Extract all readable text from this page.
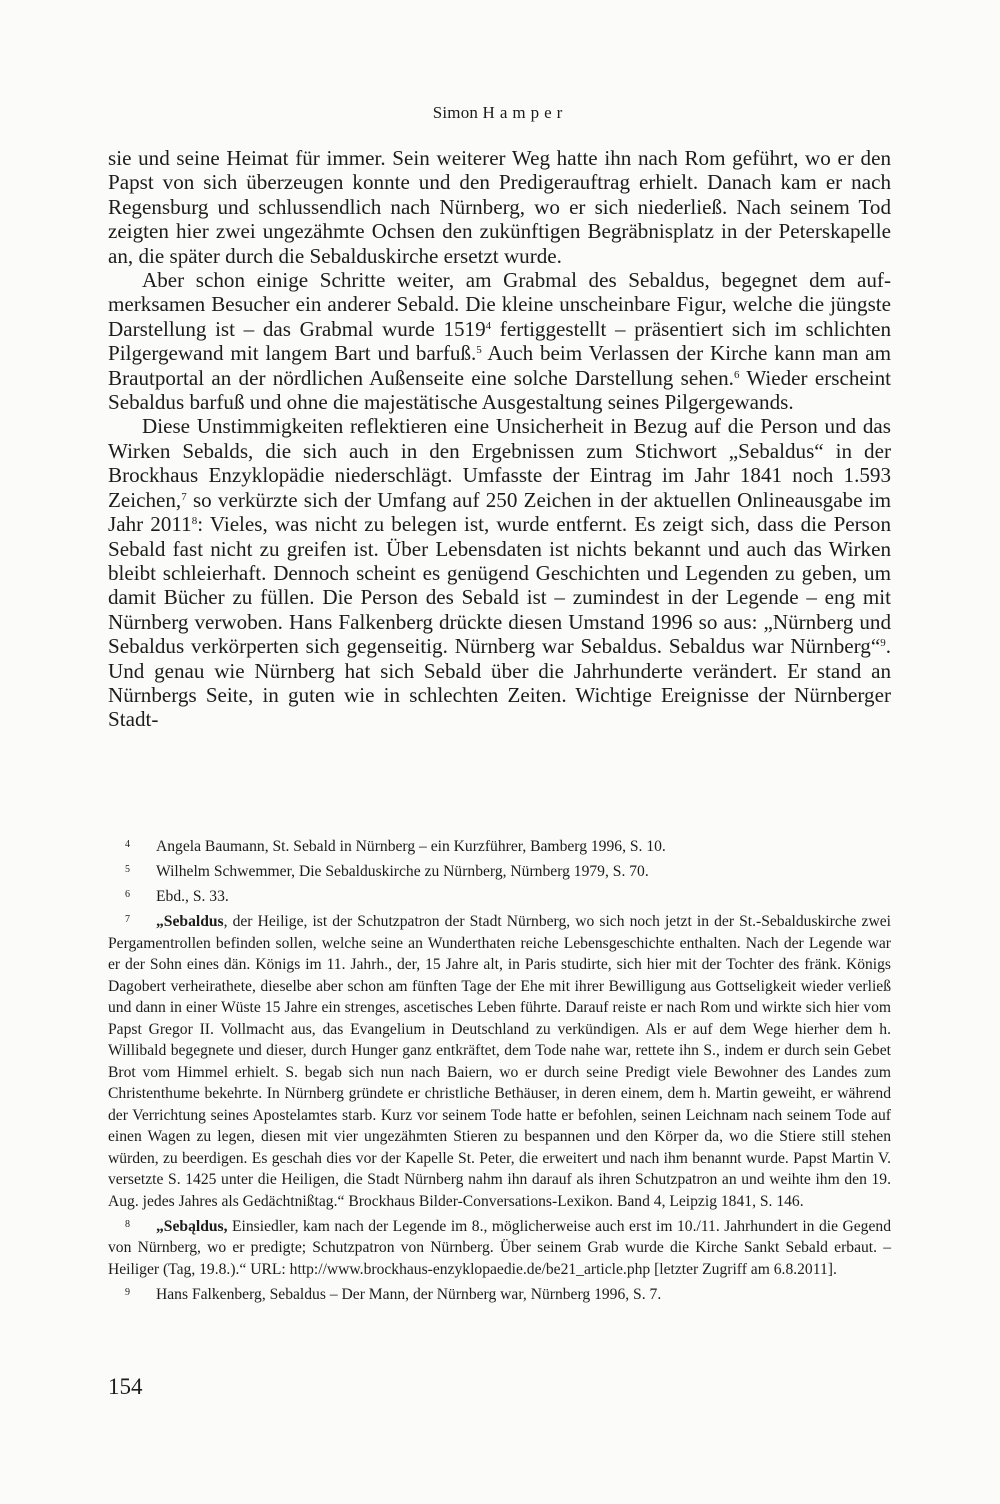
Simon Hamper

sie und seine Heimat für immer. Sein weiterer Weg hatte ihn nach Rom geführt, wo er den Papst von sich überzeugen konnte und den Predigerauftrag erhielt. Danach kam er nach Regensburg und schlussendlich nach Nürnberg, wo er sich niederließ. Nach seinem Tod zeigten hier zwei ungezähmte Ochsen den zukünftigen Begräbnisplatz in der Peterskapelle an, die später durch die Sebalduskirche ersetzt wurde.

Aber schon einige Schritte weiter, am Grabmal des Sebaldus, begegnet dem aufmerksamen Besucher ein anderer Sebald. Die kleine unscheinbare Figur, welche die jüngste Darstellung ist – das Grabmal wurde 1519$^4$ fertiggestellt – präsentiert sich im schlichten Pilgergewand mit langem Bart und barfuß.$^5$ Auch beim Verlassen der Kirche kann man am Brautportal an der nördlichen Außenseite eine solche Darstellung sehen.$^6$ Wieder erscheint Sebaldus barfuß und ohne die majestätische Ausgestaltung seines Pilgergewands.

Diese Unstimmigkeiten reflektieren eine Unsicherheit in Bezug auf die Person und das Wirken Sebalds, die sich auch in den Ergebnissen zum Stichwort „Sebaldus“ in der Brockhaus Enzyklopädie niederschlägt. Umfasste der Eintrag im Jahr 1841 noch 1.593 Zeichen,$^7$ so verkürzte sich der Umfang auf 250 Zeichen in der aktuellen Onlineausgabe im Jahr 2011$^8$: Vieles, was nicht zu belegen ist, wurde entfernt. Es zeigt sich, dass die Person Sebald fast nicht zu greifen ist. Über Lebensdaten ist nichts bekannt und auch das Wirken bleibt schleierhaft. Dennoch scheint es genügend Geschichten und Legenden zu geben, um damit Bücher zu füllen. Die Person des Sebald ist – zumindest in der Legende – eng mit Nürnberg verwoben. Hans Falkenberg drückte diesen Umstand 1996 so aus: „Nürnberg und Sebaldus verkörperten sich gegenseitig. Nürnberg war Sebaldus. Sebaldus war Nürnberg“$^9$. Und genau wie Nürnberg hat sich Sebald über die Jahrhunderte verändert. Er stand an Nürnbergs Seite, in guten wie in schlechten Zeiten. Wichtige Ereignisse der Nürnberger Stadt-

4 Angela Baumann, St. Sebald in Nürnberg – ein Kurzführer, Bamberg 1996, S. 10.

5 Wilhelm Schwemmer, Die Sebalduskirche zu Nürnberg, Nürnberg 1979, S. 70.

6 Ebd., S. 33.

7 „Sebaldus, der Heilige, ist der Schutzpatron der Stadt Nürnberg, wo sich noch jetzt in der St.-Sebalduskirche zwei Pergamentrollen befinden sollen, welche seine an Wunderthaten reiche Lebensgeschichte enthalten. Nach der Legende war er der Sohn eines dän. Königs im 11. Jahrh., der, 15 Jahre alt, in Paris studirte, sich hier mit der Tochter des fränk. Königs Dagobert verheirathete, dieselbe aber schon am fünften Tage der Ehe mit ihrer Bewilligung aus Gottseligkeit wieder verließ und dann in einer Wüste 15 Jahre ein strenges, ascetisches Leben führte. Darauf reiste er nach Rom und wirkte sich hier vom Papst Gregor II. Vollmacht aus, das Evangelium in Deutschland zu verkündigen. Als er auf dem Wege hierher dem h. Willibald begegnete und dieser, durch Hunger ganz entkräftet, dem Tode nahe war, rettete ihn S., indem er durch sein Gebet Brot vom Himmel erhielt. S. begab sich nun nach Baiern, wo er durch seine Predigt viele Bewohner des Landes zum Christenthume bekehrte. In Nürnberg gründete er christliche Bethäuser, in deren einem, dem h. Martin geweiht, er während der Verrichtung seines Apostelamtes starb. Kurz vor seinem Tode hatte er befohlen, seinen Leichnam nach seinem Tode auf einen Wagen zu legen, diesen mit vier ungezähmten Stieren zu bespannen und den Körper da, wo die Stiere still stehen würden, zu beerdigen. Es geschah dies vor der Kapelle St. Peter, die erweitert und nach ihm benannt wurde. Papst Martin V. versetzte S. 1425 unter die Heiligen, die Stadt Nürnberg nahm ihn darauf als ihren Schutzpatron an und weihte ihm den 19. Aug. jedes Jahres als Gedächtnißtag.“ Brockhaus Bilder-Conversations-Lexikon. Band 4, Leipzig 1841, S. 146.

8 „Sebąldus, Einsiedler, kam nach der Legende im 8., möglicherweise auch erst im 10./11. Jahrhundert in die Gegend von Nürnberg, wo er predigte; Schutzpatron von Nürnberg. Über seinem Grab wurde die Kirche Sankt Sebald erbaut. – Heiliger (Tag, 19.8.).“ URL: http://www.brockhaus-enzyklopaedie.de/be21_article.php [letzter Zugriff am 6.8.2011].

9 Hans Falkenberg, Sebaldus – Der Mann, der Nürnberg war, Nürnberg 1996, S. 7.

154
